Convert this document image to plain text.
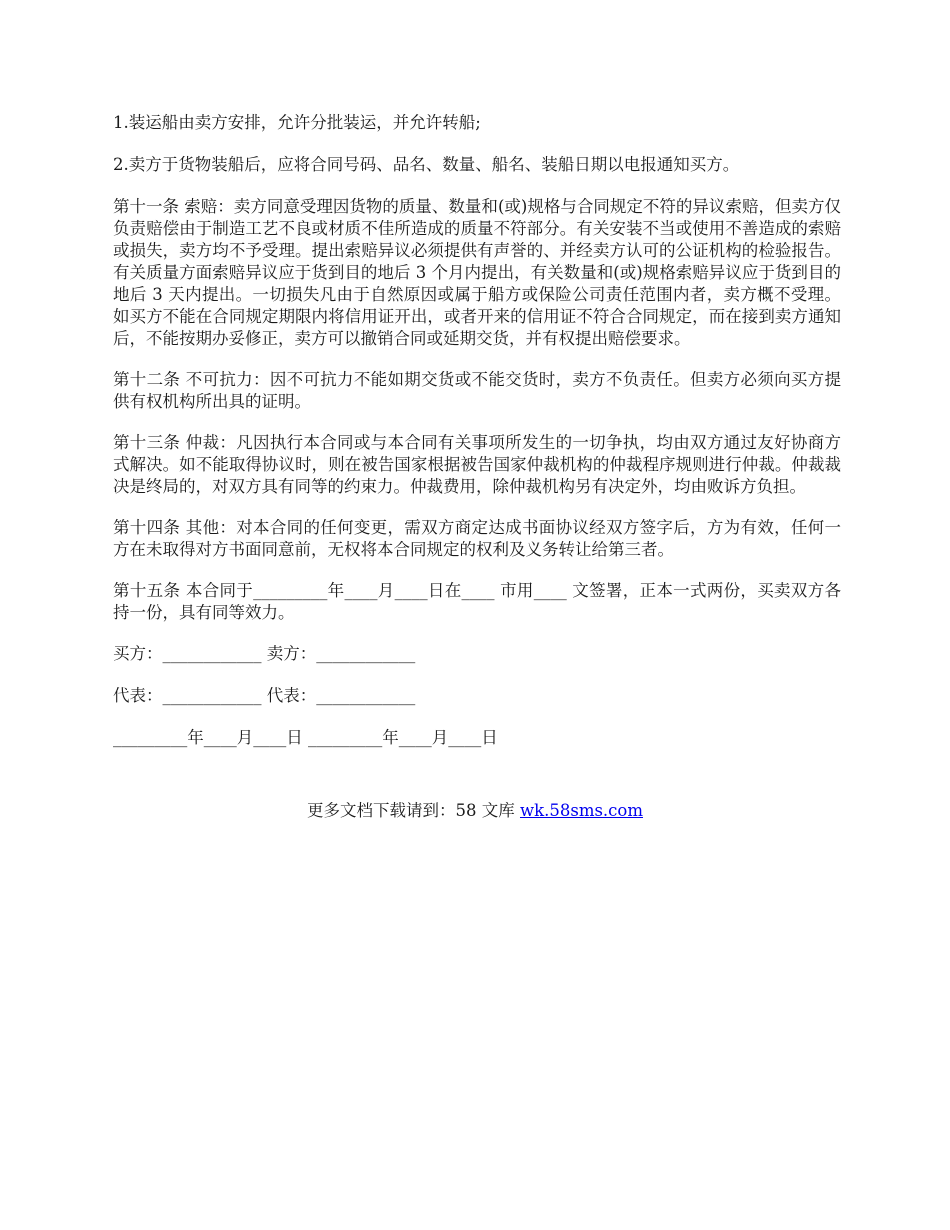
1.装运船由卖方安排，允许分批装运，并允许转船;

2.卖方于货物装船后，应将合同号码、品名、数量、船名、装船日期以电报通知买方。

第十一条 索赔：卖方同意受理因货物的质量、数量和(或)规格与合同规定不符的异议索赔，但卖方仅负责赔偿由于制造工艺不良或材质不佳所造成的质量不符部分。有关安装不当或使用不善造成的索赔或损失，卖方均不予受理。提出索赔异议必须提供有声誉的、并经卖方认可的公证机构的检验报告。有关质量方面索赔异议应于货到目的地后 3 个月内提出，有关数量和(或)规格索赔异议应于货到目的地后 3 天内提出。一切损失凡由于自然原因或属于船方或保险公司责任范围内者，卖方概不受理。如买方不能在合同规定期限内将信用证开出，或者开来的信用证不符合合同规定，而在接到卖方通知后，不能按期办妥修正，卖方可以撤销合同或延期交货，并有权提出赔偿要求。

第十二条 不可抗力：因不可抗力不能如期交货或不能交货时，卖方不负责任。但卖方必须向买方提供有权机构所出具的证明。

第十三条 仲裁：凡因执行本合同或与本合同有关事项所发生的一切争执，均由双方通过友好协商方式解决。如不能取得协议时，则在被告国家根据被告国家仲裁机构的仲裁程序规则进行仲裁。仲裁裁决是终局的，对双方具有同等的约束力。仲裁费用，除仲裁机构另有决定外，均由败诉方负担。

第十四条 其他：对本合同的任何变更，需双方商定达成书面协议经双方签字后，方为有效，任何一方在未取得对方书面同意前，无权将本合同规定的权利及义务转让给第三者。

第十五条 本合同于_________年____月____日在____ 市用____ 文签署，正本一式两份，买卖双方各持一份，具有同等效力。

买方：____________ 卖方：____________
代表：____________ 代表：____________
_________年____月____日 _________年____月____日
更多文档下载请到：58 文库 wk.58sms.com
